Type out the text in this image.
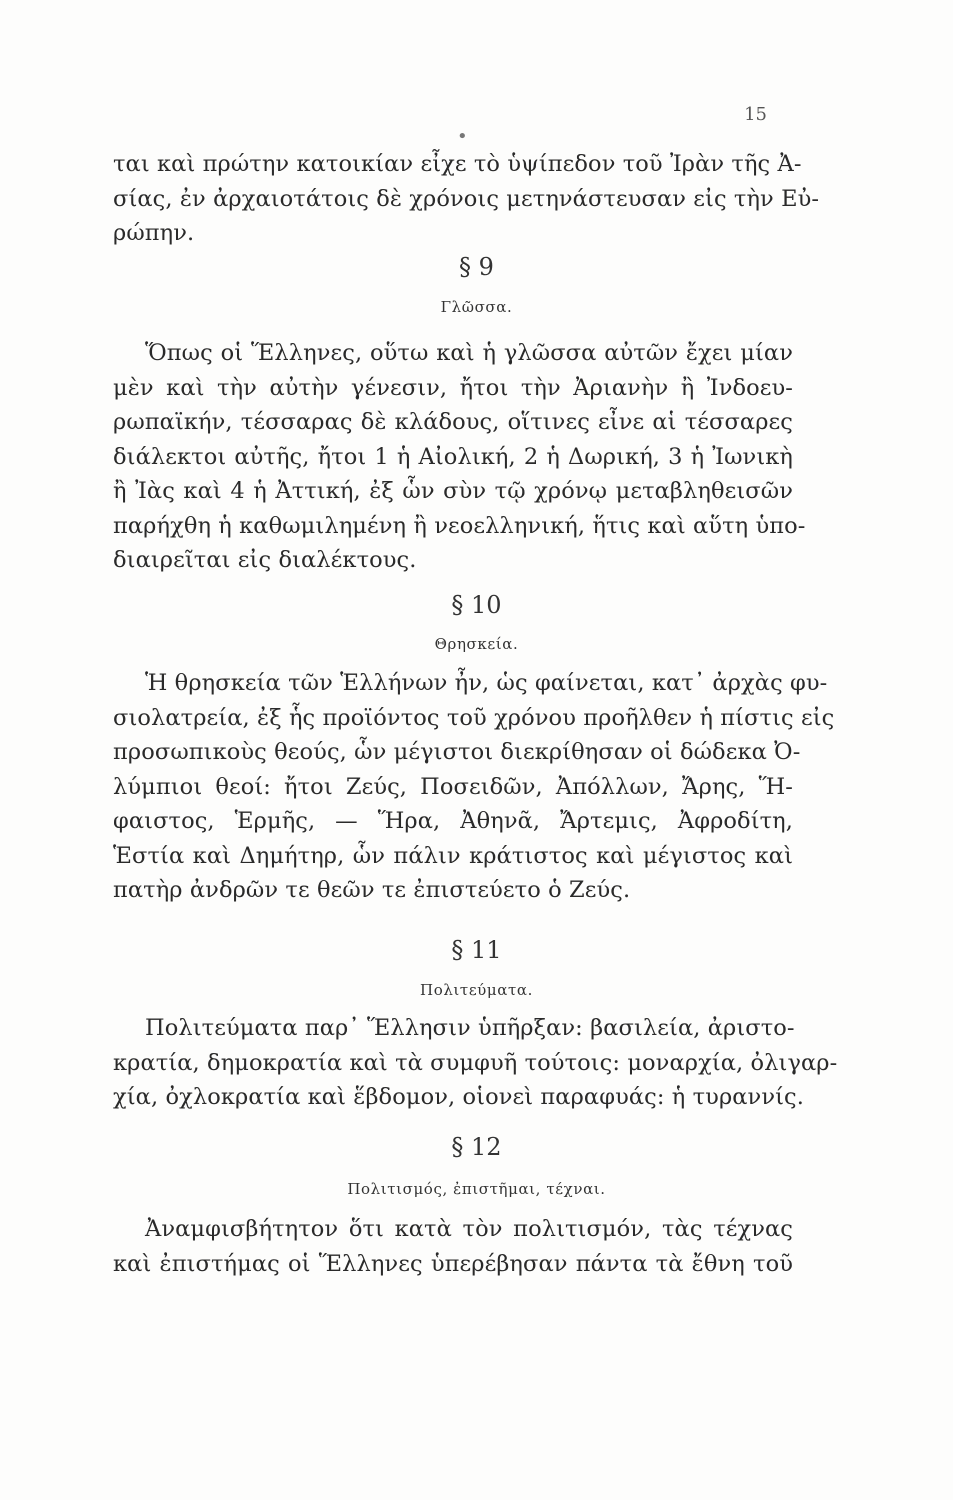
15
•
ται καὶ πρώτην κατοικίαν εἶχε τὸ ὑψίπεδον τοῦ Ἰρὰν τῆς Ἀ-
σίας, ἐν ἀρχαιοτάτοις δὲ χρόνοις μετηνάστευσαν εἰς τὴν Εὐ-
ρώπην.
§ 9
Γλῶσσα.
Ὅπως οἱ Ἕλληνες, οὕτω καὶ ἡ γλῶσσα αὐτῶν ἔχει μίαν
μὲν καὶ τὴν αὐτὴν γένεσιν, ἤτοι τὴν Ἀριανὴν ἢ Ἰνδοευ-
ρωπαϊκήν, τέσσαρας δὲ κλάδους, οἵτινες εἶνε αἱ τέσσαρες
διάλεκτοι αὐτῆς, ἤτοι 1 ἡ Αἰολική, 2 ἡ Δωρική, 3 ἡ Ἰωνικὴ
ἢ Ἰὰς καὶ 4 ἡ Ἀττική, ἐξ ὧν σὺν τῷ χρόνῳ μεταβληθεισῶν
παρήχθη ἡ καθωμιλημένη ἢ νεοελληνική, ἥτις καὶ αὕτη ὑπο-
διαιρεῖται εἰς διαλέκτους.
§ 10
Θρησκεία.
Ἡ θρησκεία τῶν Ἑλλήνων ἦν, ὡς φαίνεται, κατ᾽ ἀρχὰς φυ-
σιολατρεία, ἐξ ἧς προϊόντος τοῦ χρόνου προῆλθεν ἡ πίστις εἰς
προσωπικοὺς θεούς, ὧν μέγιστοι διεκρίθησαν οἱ δώδεκα Ὀ-
λύμπιοι θεοί: ἤτοι Ζεύς, Ποσειδῶν, Ἀπόλλων, Ἄρης, Ἥ-
φαιστος, Ἑρμῆς, — Ἥρα, Ἀθηνᾶ, Ἄρτεμις, Ἀφροδίτη,
Ἑστία καὶ Δημήτηρ, ὧν πάλιν κράτιστος καὶ μέγιστος καὶ
πατὴρ ἀνδρῶν τε θεῶν τε ἐπιστεύετο ὁ Ζεύς.
§ 11
Πολιτεύματα.
Πολιτεύματα παρ᾽ Ἕλλησιν ὑπῆρξαν: βασιλεία, ἀριστο-
κρατία, δημοκρατία καὶ τὰ συμφυῆ τούτοις: μοναρχία, ὀλιγαρ-
χία, ὀχλοκρατία καὶ ἕβδομον, οἱονεὶ παραφυάς: ἡ τυραννίς.
§ 12
Πολιτισμός, ἐπιστῆμαι, τέχναι.
Ἀναμφισβήτητον ὅτι κατὰ τὸν πολιτισμόν, τὰς τέχνας
καὶ ἐπιστήμας οἱ Ἕλληνες ὑπερέβησαν πάντα τὰ ἔθνη τοῦ
